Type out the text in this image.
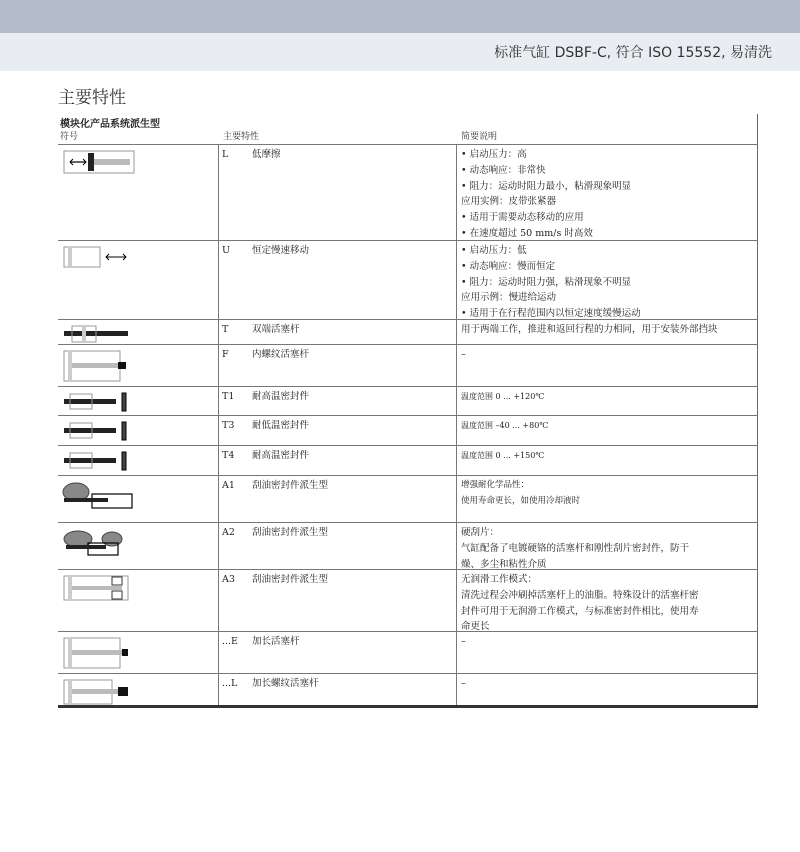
标准气缸 DSBF-C, 符合 ISO 15552, 易清洗
主要特性
模块化产品系统派生型
符号	主要特性	简要说明
L 低摩擦	• 启动压力：高
• 动态响应：非常快
• 阻力：运动时阻力最小，粘滑现象明显
应用实例：皮带张紧器
• 适用于需要动态移动的应用
• 在速度超过 50 mm/s 时高效
U 恒定慢速移动	• 启动压力：低
• 动态响应：慢而恒定
• 阻力：运动时阻力强，粘滑现象不明显
应用示例：慢进给运动
• 适用于在行程范围内以恒定速度缓慢运动
T 双端活塞杆	用于两端工作，推进和返回行程的力相同，用于安装外部挡块
F 内螺纹活塞杆	–
T1 耐高温密封件	温度范围 0 ... +120℃
T3 耐低温密封件	温度范围 –40 ... +80℃
T4 耐高温密封件	温度范围 0 ... +150℃
A1 刮油密封件派生型	增强耐化学品性：
使用寿命更长，如使用冷却液时
A2 刮油密封件派生型	硬刮片：
气缸配备了电镀硬铬的活塞杆和刚性刮片密封件，防干
燥、多尘和粘性介质
A3 刮油密封件派生型	无润滑工作模式：
清洗过程会冲刷掉活塞杆上的油脂。特殊设计的活塞杆密
封件可用于无润滑工作模式，与标准密封件相比，使用寿
命更长
...E 加长活塞杆	–
...L 加长螺纹活塞杆	–
